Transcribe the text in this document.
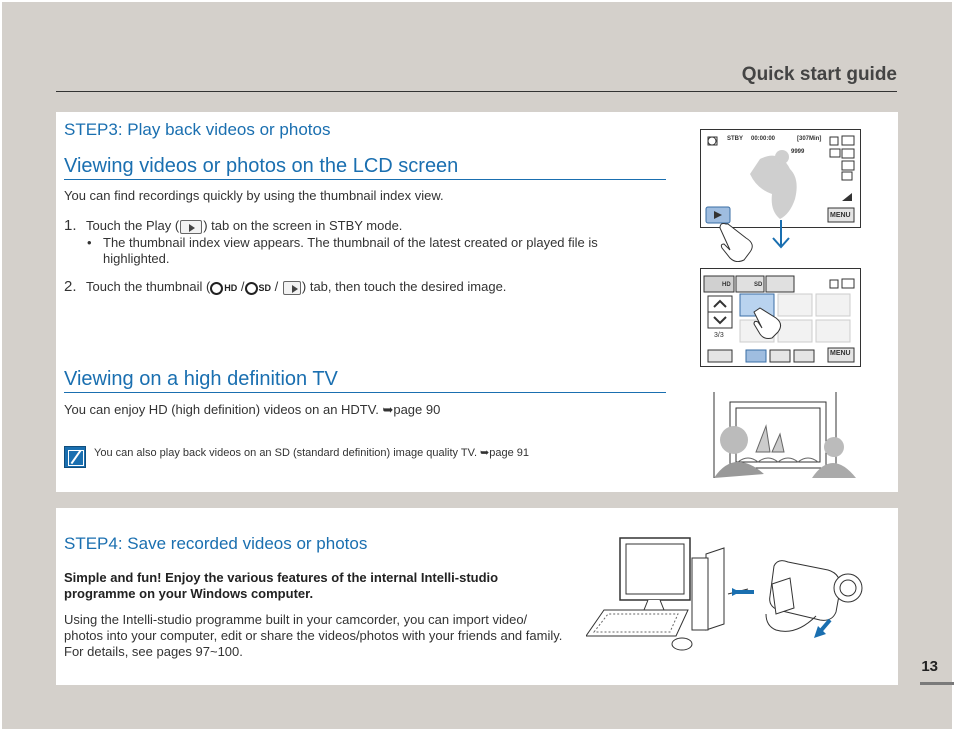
Quick start guide
STEP3: Play back videos or photos
Viewing videos or photos on the LCD screen
You can find recordings quickly by using the thumbnail index view.
1. Touch the Play ( ) tab on the screen in STBY mode.
• The thumbnail index view appears. The thumbnail of the latest created or played file is
highlighted.
2. Touch the thumbnail ( HD / SD / ) tab, then touch the desired image.
Viewing on a high definition TV
You can enjoy HD (high definition) videos on an HDTV. ➥page 90
You can also play back videos on an SD (standard definition) image quality TV. ➥page 91
STBY 00:00:00	[307Min]
9999
MENU
HD	SD
3/3
MENU
STEP4: Save recorded videos or photos
Simple and fun! Enjoy the various features of the internal Intelli-studio
programme on your Windows computer.
Using the Intelli-studio programme built in your camcorder, you can import video/
photos into your computer, edit or share the videos/photos with your friends and family.
For details, see pages 97~100.
13
